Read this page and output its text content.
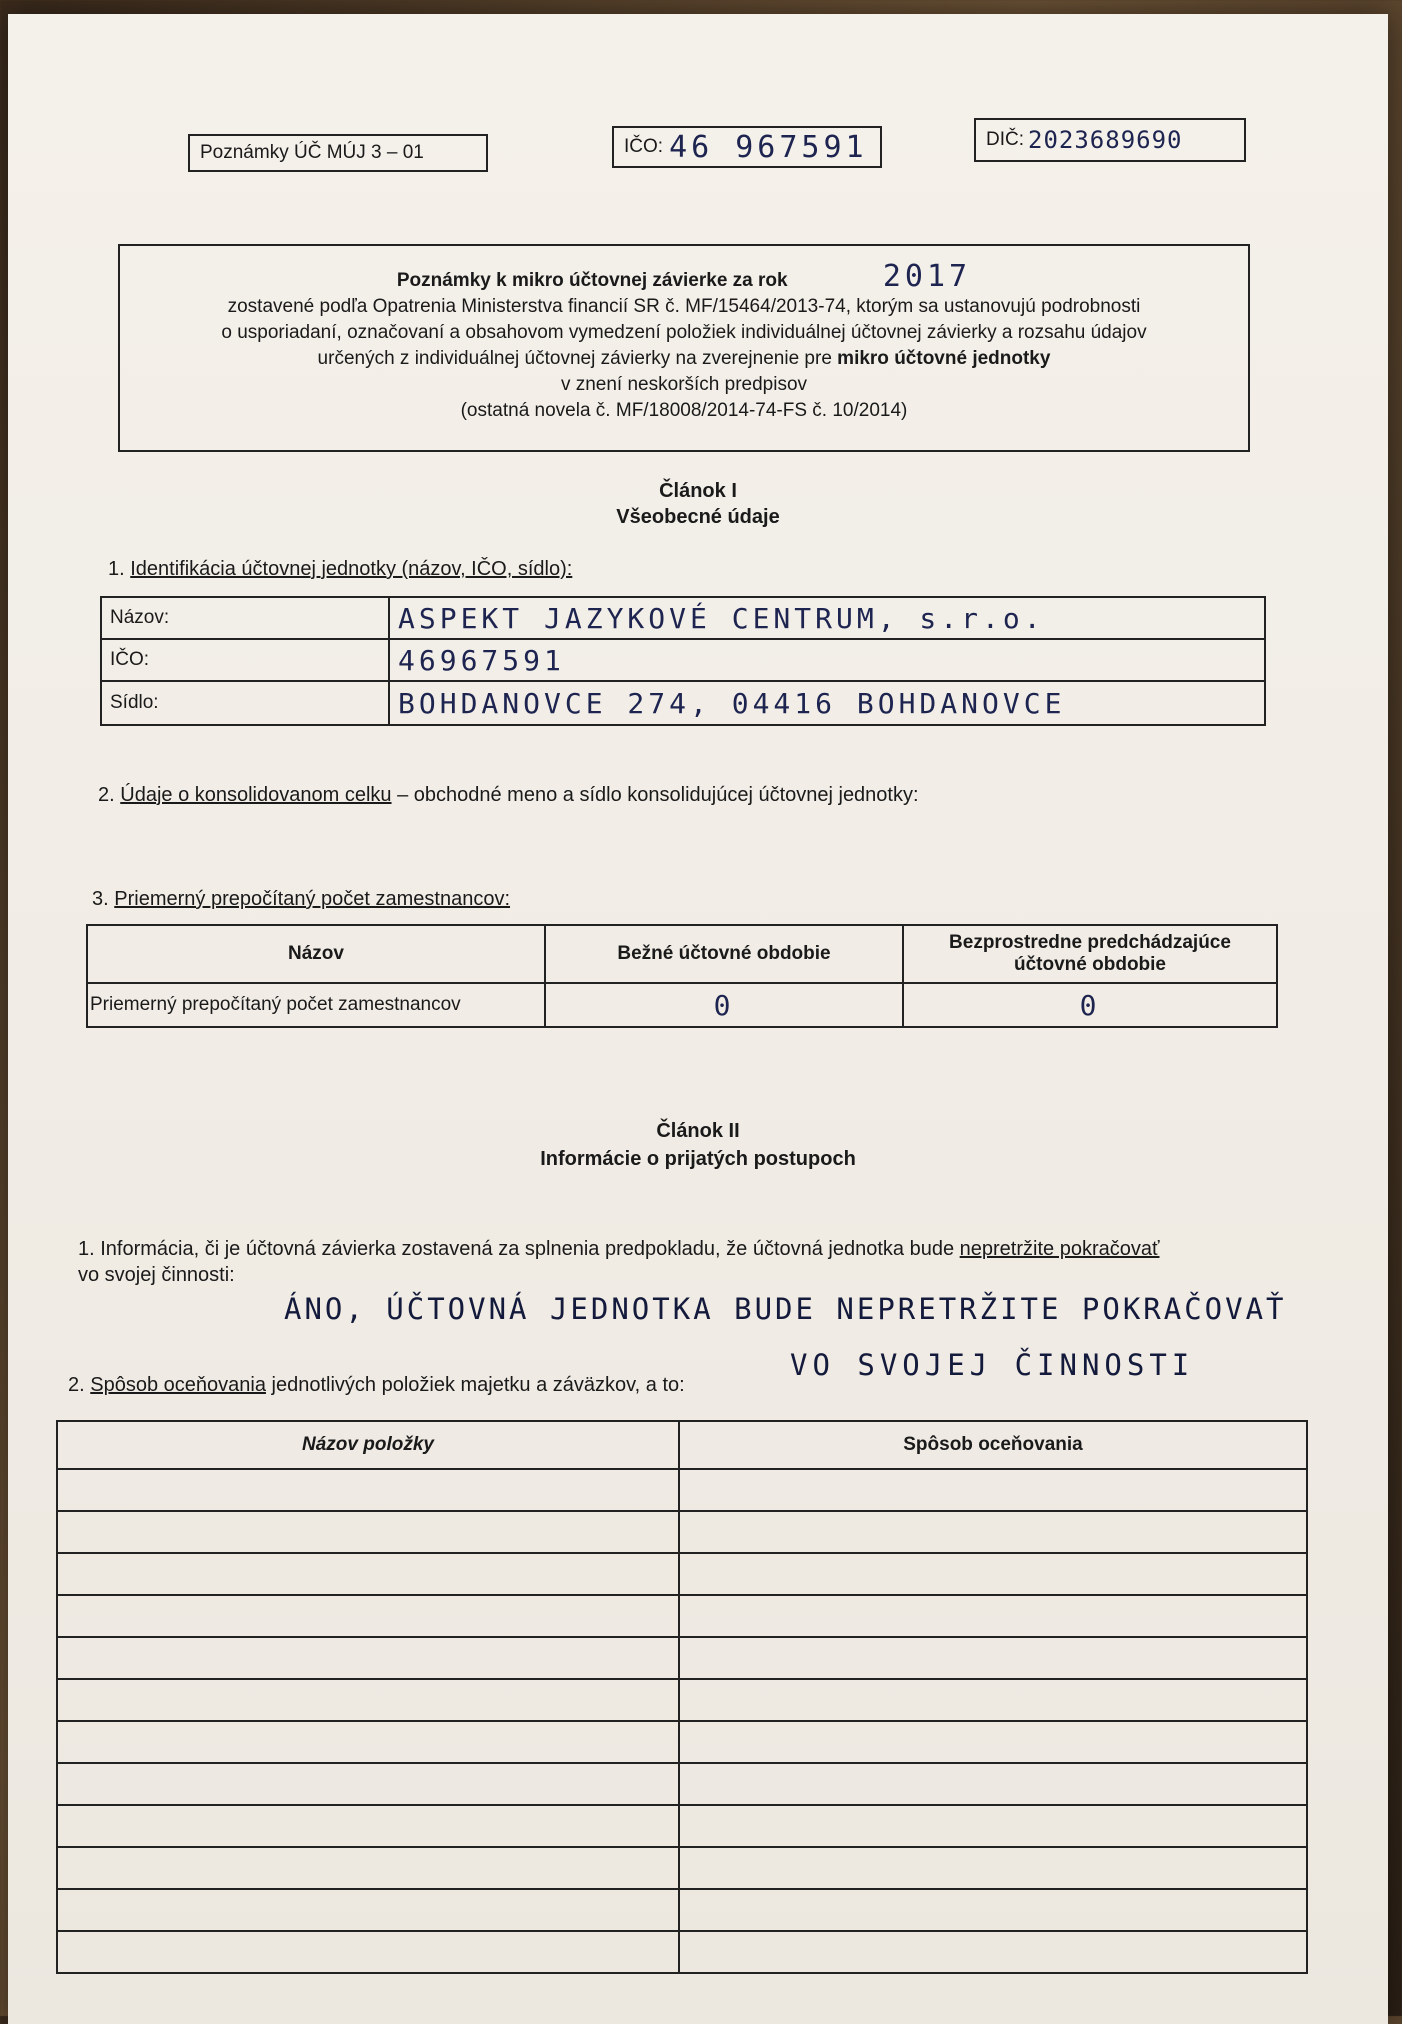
Poznámky ÚČ MÚJ 3 – 01	IČO: 46 967591	DIČ: 2023689690
Poznámky k mikro účtovnej závierke za rok	2017
zostavené podľa Opatrenia Ministerstva financií SR č. MF/15464/2013-74, ktorým sa ustanovujú podrobnosti
o usporiadaní, označovaní a obsahovom vymedzení položiek individuálnej účtovnej závierky a rozsahu údajov
určených z individuálnej účtovnej závierky na zverejnenie pre mikro účtovné jednotky
v znení neskorších predpisov
(ostatná novela č. MF/18008/2014-74-FS č. 10/2014)
Článok I
Všeobecné údaje
1. Identifikácia účtovnej jednotky (názov, IČO, sídlo):
Názov:	ASPEKT JAZYKOVÉ CENTRUM, s.r.o.
IČO:	46967591
Sídlo:	BOHDANOVCE 274, 04416 BOHDANOVCE
2. Údaje o konsolidovanom celku – obchodné meno a sídlo konsolidujúcej účtovnej jednotky:
3. Priemerný prepočítaný počet zamestnancov:
Názov	Bežné účtovné obdobie	Bezprostredne predchádzajúce účtovné obdobie
Priemerný prepočítaný počet zamestnancov	0	0
Článok II
Informácie o prijatých postupoch
1. Informácia, či je účtovná závierka zostavená za splnenia predpokladu, že účtovná jednotka bude nepretržite pokračovať
vo svojej činnosti:
ÁNO, ÚČTOVNÁ JEDNOTKA BUDE NEPRETRŽITE POKRAČOVAŤ
VO SVOJEJ ČINNOSTI
2. Spôsob oceňovania jednotlivých položiek majetku a záväzkov, a to:
Názov položky	Spôsob oceňovania
